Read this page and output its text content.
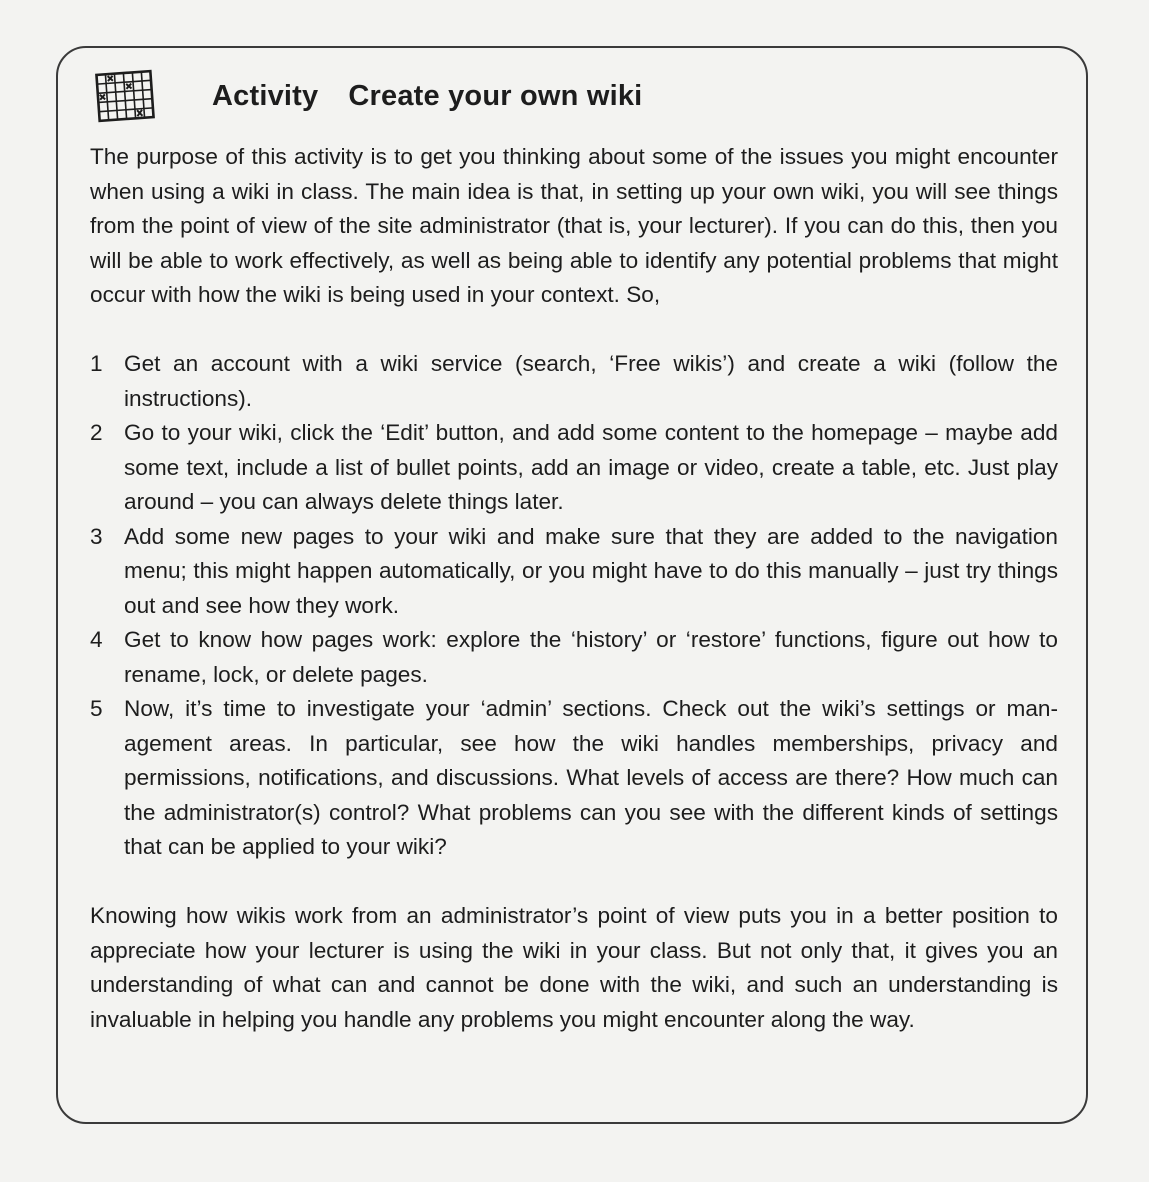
Activity Create your own wiki

The purpose of this activity is to get you thinking about some of the issues you might encounter when using a wiki in class. The main idea is that, in setting up your own wiki, you will see things from the point of view of the site administrator (that is, your lecturer). If you can do this, then you will be able to work effectively, as well as being able to identify any potential problems that might occur with how the wiki is being used in your context. So,

1 Get an account with a wiki service (search, ‘Free wikis’) and create a wiki (follow the instructions).
2 Go to your wiki, click the ‘Edit’ button, and add some content to the homepage – maybe add some text, include a list of bullet points, add an image or video, create a table, etc. Just play around – you can always delete things later.
3 Add some new pages to your wiki and make sure that they are added to the navigation menu; this might happen automatically, or you might have to do this manually – just try things out and see how they work.
4 Get to know how pages work: explore the ‘history’ or ‘restore’ functions, figure out how to rename, lock, or delete pages.
5 Now, it’s time to investigate your ‘admin’ sections. Check out the wiki’s settings or management areas. In particular, see how the wiki handles memberships, privacy and permissions, notifications, and discussions. What levels of access are there? How much can the administrator(s) control? What problems can you see with the different kinds of settings that can be applied to your wiki?

Knowing how wikis work from an administrator’s point of view puts you in a better position to appreciate how your lecturer is using the wiki in your class. But not only that, it gives you an understanding of what can and cannot be done with the wiki, and such an understanding is invaluable in helping you handle any problems you might encounter along the way.
